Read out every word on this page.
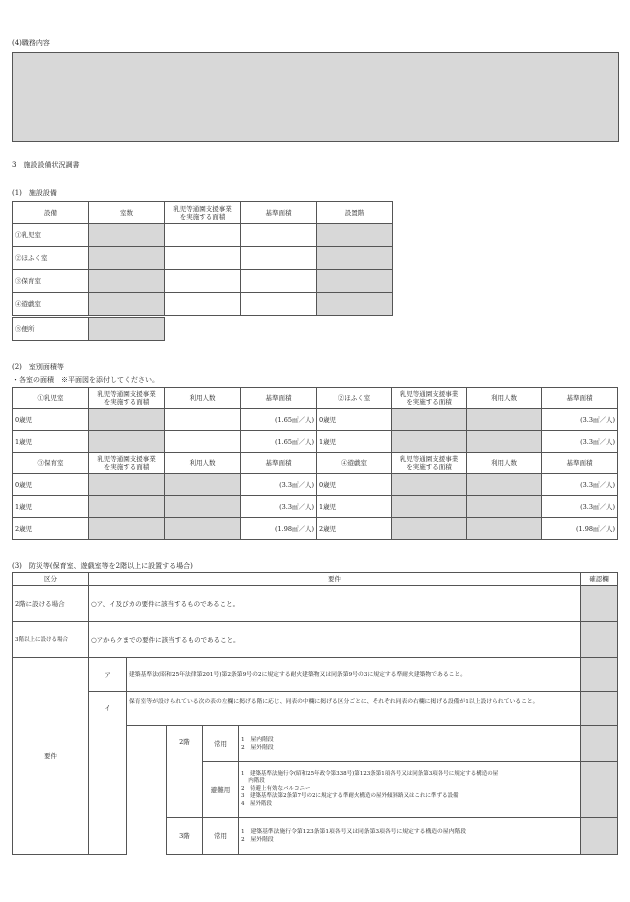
(4)職務内容
3　施設設備状況調書
(1)　施設設備
設備	室数	乳児等通園支援事業
を実施する面積	基準面積	設置階
①乳児室				
②ほふく室				
③保育室				
④遊戯室				
⑤便所	
(2)　室別面積等
・各室の面積　※平面図を添付してください。
①乳児室	乳児等通園支援事業
を実施する面積	利用人数	基準面積	②ほふく室	乳児等通園支援事業
を実施する面積	利用人数	基準面積
0歳児			(1.65㎡／人)	0歳児			(3.3㎡／人)
1歳児			(1.65㎡／人)	1歳児			(3.3㎡／人)
③保育室	乳児等通園支援事業
を実施する面積	利用人数	基準面積	④遊戯室	乳児等通園支援事業
を実施する面積	利用人数	基準面積
0歳児			(3.3㎡／人)	0歳児			(3.3㎡／人)
1歳児			(3.3㎡／人)	1歳児			(3.3㎡／人)
2歳児			(1.98㎡／人)	2歳児			(1.98㎡／人)
(3)　防災等(保育室、遊戯室等を2階以上に設置する場合)
区分	要件					確認欄
2階に設ける場合	○ア、イ及びカの要件に該当するものであること。					
3階以上に設ける場合	○アからクまでの要件に該当するものであること。					
要件	ア	建築基準法(昭和25年法律第201号)第2条第9号の2に規定する耐火建築物又は同条第9号の3に規定する準耐火建築物であること。				
	イ	保育室等が設けられている次の表の左欄に掲げる階に応じ、同表の中欄に掲げる区分ごとに、それぞれ同表の右欄に掲げる設備が1以上設けられていること。				
			2階	常用	1　屋内階段
2　屋外階段	

				避難用	1　建築基準法施行令(昭和25年政令第338号)第123条第1項各号又は同条第3項各号に規定する構造の屋
　 内階段
2　待避上有効なバルコニー
3　建築基準法第2条第7号の2に規定する準耐火構造の屋外傾斜路又はこれに準ずる設備
4　屋外階段	

			3階	常用	1　建築基準法施行令第123条第1項各号又は同条第3項各号に規定する構造の屋内階段
2　屋外階段	
